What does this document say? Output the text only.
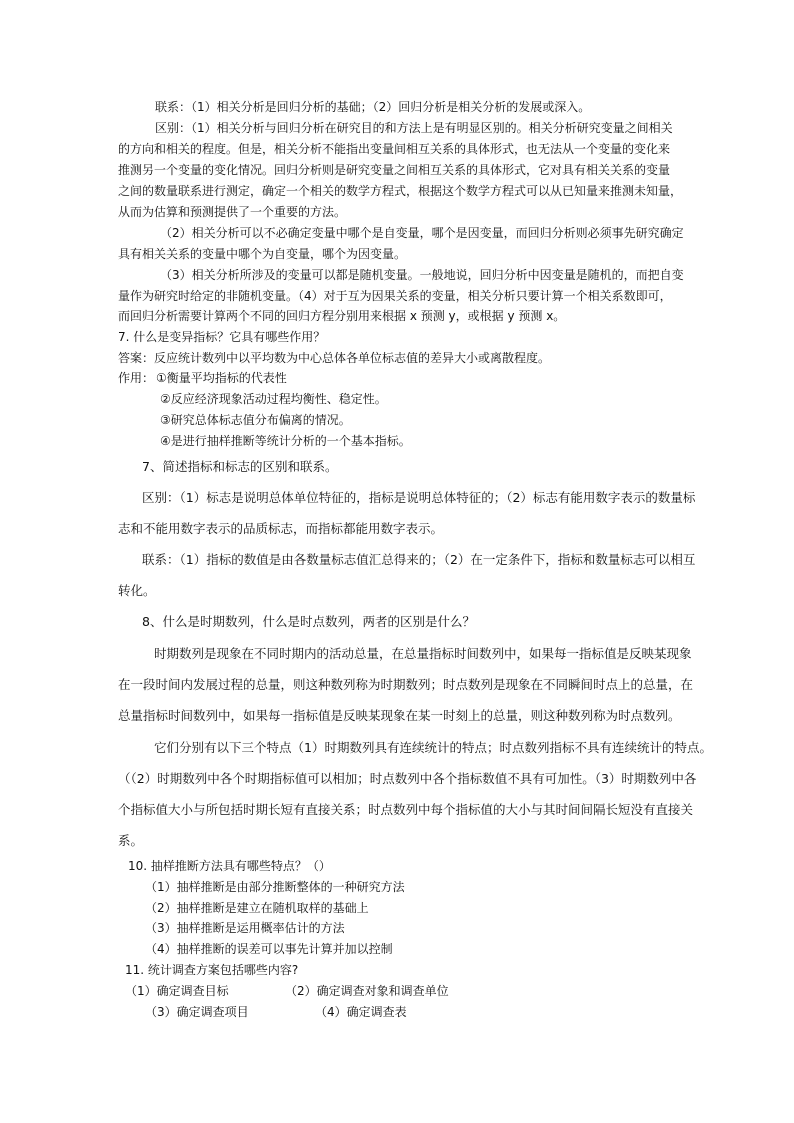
联系：（1）相关分析是回归分析的基础；（2）回归分析是相关分析的发展或深入。
区别：（1）相关分析与回归分析在研究目的和方法上是有明显区别的。相关分析研究变量之间相关
的方向和相关的程度。但是，相关分析不能指出变量间相互关系的具体形式，也无法从一个变量的变化来
推测另一个变量的变化情况。回归分析则是研究变量之间相互关系的具体形式，它对具有相关关系的变量
之间的数量联系进行测定，确定一个相关的数学方程式，根据这个数学方程式可以从已知量来推测未知量，
从而为估算和预测提供了一个重要的方法。
（2）相关分析可以不必确定变量中哪个是自变量，哪个是因变量，而回归分析则必须事先研究确定
具有相关关系的变量中哪个为自变量，哪个为因变量。
（3）相关分析所涉及的变量可以都是随机变量。一般地说，回归分析中因变量是随机的，而把自变
量作为研究时给定的非随机变量。（4）对于互为因果关系的变量，相关分析只要计算一个相关系数即可，
而回归分析需要计算两个不同的回归方程分别用来根据 x 预测 y，或根据 y 预测 x。
7. 什么是变异指标？它具有哪些作用？
答案：反应统计数列中以平均数为中心总体各单位标志值的差异大小或离散程度。
作用： ①衡量平均指标的代表性
②反应经济现象活动过程均衡性、稳定性。
③研究总体标志值分布偏离的情况。
④是进行抽样推断等统计分析的一个基本指标。
7、简述指标和标志的区别和联系。
区别：（1）标志是说明总体单位特征的，指标是说明总体特征的；（2）标志有能用数字表示的数量标
志和不能用数字表示的品质标志，而指标都能用数字表示。
联系：（1）指标的数值是由各数量标志值汇总得来的；（2）在一定条件下，指标和数量标志可以相互
转化。
8、什么是时期数列，什么是时点数列，两者的区别是什么？
时期数列是现象在不同时期内的活动总量，在总量指标时间数列中，如果每一指标值是反映某现象
在一段时间内发展过程的总量，则这种数列称为时期数列；时点数列是现象在不同瞬间时点上的总量，在
总量指标时间数列中，如果每一指标值是反映某现象在某一时刻上的总量，则这种数列称为时点数列。
它们分别有以下三个特点（1）时期数列具有连续统计的特点；时点数列指标不具有连续统计的特点。
（（2）时期数列中各个时期指标值可以相加；时点数列中各个指标数值不具有可加性。（3）时期数列中各
个指标值大小与所包括时期长短有直接关系；时点数列中每个指标值的大小与其时间间隔长短没有直接关
系。
10. 抽样推断方法具有哪些特点？（）
（1）抽样推断是由部分推断整体的一种研究方法
（2）抽样推断是建立在随机取样的基础上
（3）抽样推断是运用概率估计的方法
（4）抽样推断的误差可以事先计算并加以控制
11. 统计调查方案包括哪些内容?
（1）确定调查目标	（2）确定调查对象和调查单位
（3）确定调查项目	（4）确定调查表
